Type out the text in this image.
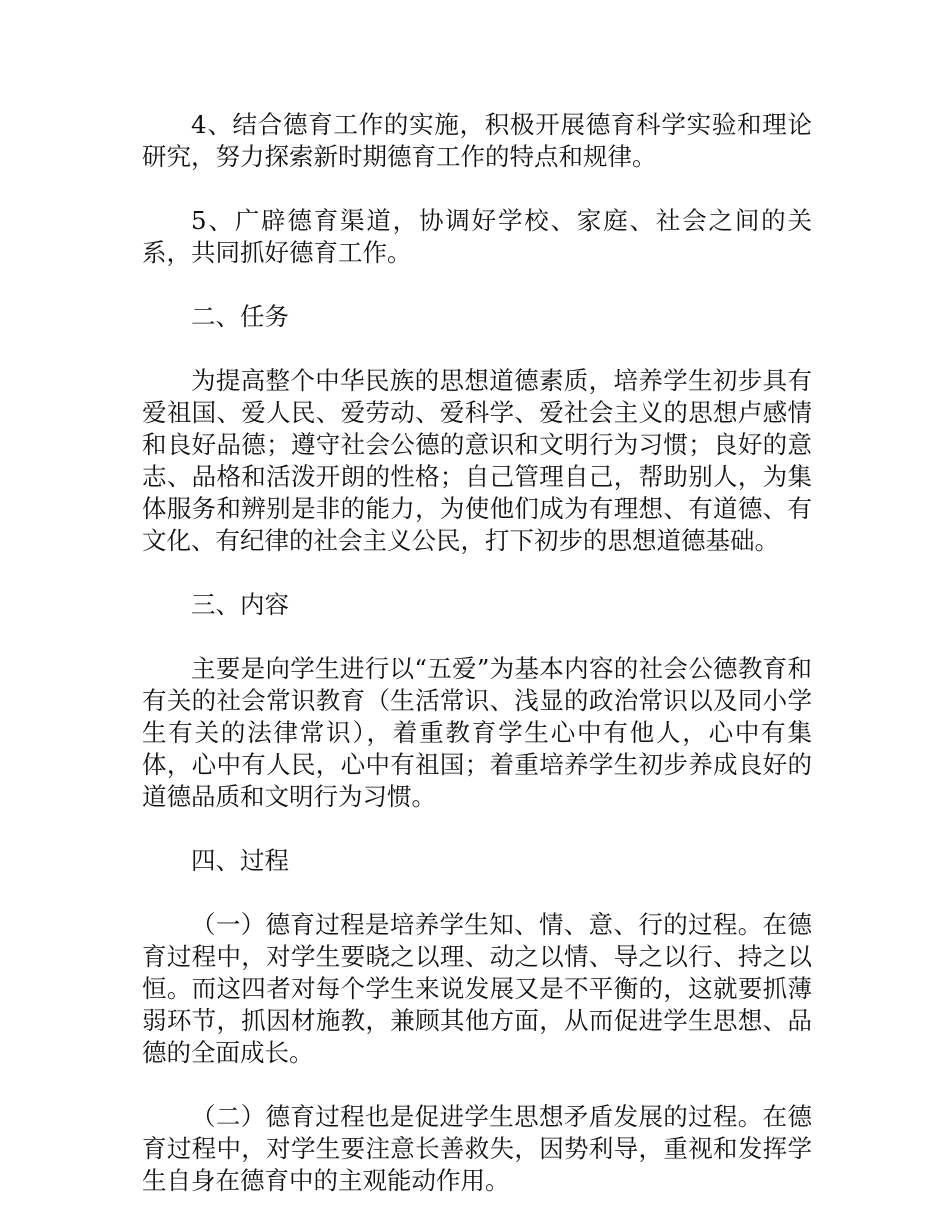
4、结合德育工作的实施，积极开展德育科学实验和理论研究，努力探索新时期德育工作的特点和规律。

5、广辟德育渠道，协调好学校、家庭、社会之间的关系，共同抓好德育工作。

二、任务

为提高整个中华民族的思想道德素质，培养学生初步具有爱祖国、爱人民、爱劳动、爱科学、爱社会主义的思想卢感情和良好品德；遵守社会公德的意识和文明行为习惯；良好的意志、品格和活泼开朗的性格；自己管理自己，帮助别人，为集体服务和辨别是非的能力，为使他们成为有理想、有道德、有文化、有纪律的社会主义公民，打下初步的思想道德基础。

三、内容

主要是向学生进行以“五爱”为基本内容的社会公德教育和有关的社会常识教育（生活常识、浅显的政治常识以及同小学生有关的法律常识），着重教育学生心中有他人，心中有集体，心中有人民，心中有祖国；着重培养学生初步养成良好的道德品质和文明行为习惯。

四、过程

（一）德育过程是培养学生知、情、意、行的过程。在德育过程中，对学生要晓之以理、动之以情、导之以行、持之以恒。而这四者对每个学生来说发展又是不平衡的，这就要抓薄弱环节，抓因材施教，兼顾其他方面，从而促进学生思想、品德的全面成长。

（二）德育过程也是促进学生思想矛盾发展的过程。在德育过程中，对学生要注意长善救失，因势利导，重视和发挥学生自身在德育中的主观能动作用。
